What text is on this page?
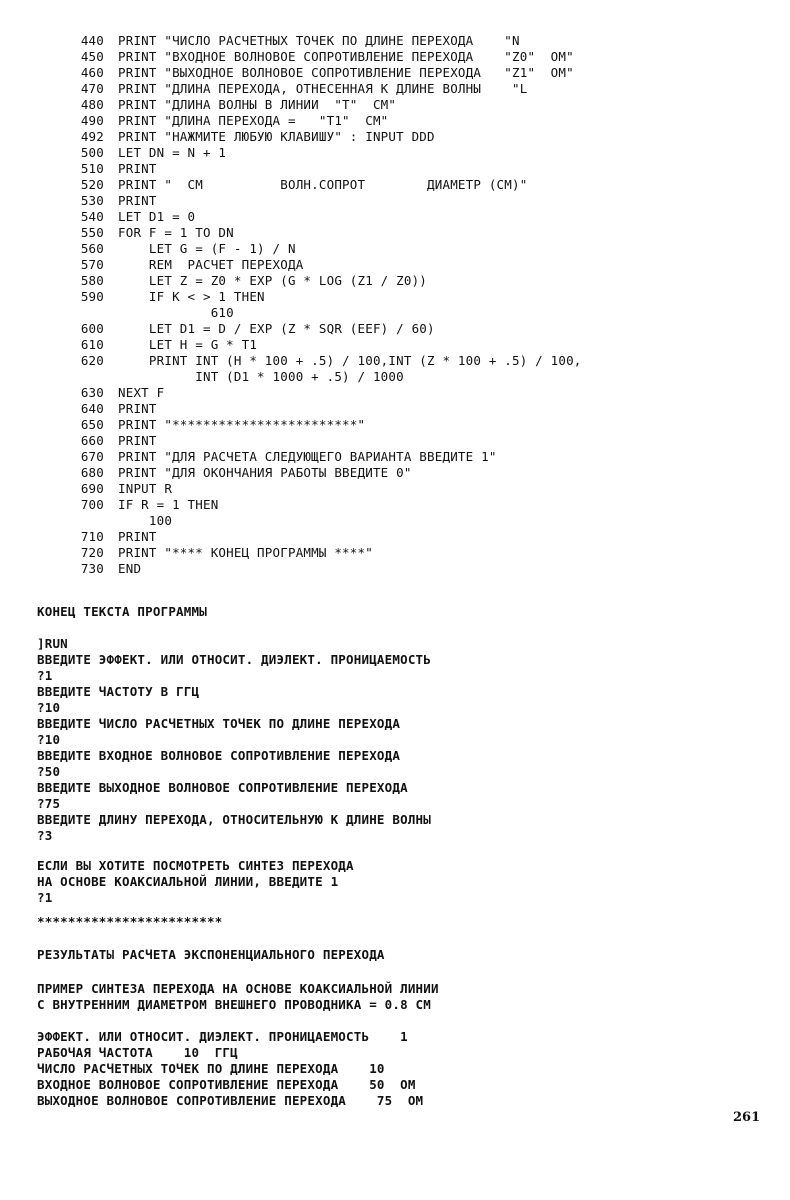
440 PRINT "ЧИСЛО РАСЧЕТНЫХ ТОЧЕК ПО ДЛИНЕ ПЕРЕХОДА    "N
450 PRINT "ВХОДНОЕ ВОЛНОВОЕ СОПРОТИВЛЕНИЕ ПЕРЕХОДА    "Z0"  ОМ"
460 PRINT "ВЫХОДНОЕ ВОЛНОВОЕ СОПРОТИВЛЕНИЕ ПЕРЕХОДА   "Z1"  ОМ"
470 PRINT "ДЛИНА ПЕРЕХОДА, ОТНЕСЕННАЯ К ДЛИНЕ ВОЛНЫ    "L
480 PRINT "ДЛИНА ВОЛНЫ В ЛИНИИ  "T"  СМ"
490 PRINT "ДЛИНА ПЕРЕХОДА =   "T1"  СМ"
492 PRINT "НАЖМИТЕ ЛЮБУЮ КЛАВИШУ" : INPUT DDD
500 LET DN = N + 1
510 PRINT
520 PRINT "  СМ          ВОЛН.СОПРОТ        ДИАМЕТР (СМ)"
530 PRINT
540 LET D1 = 0
550 FOR F = 1 TO DN
560 LET G = (F - 1) / N
570 REM  РАСЧЕТ ПЕРЕХОДА
580 LET Z = Z0 * EXP (G * LOG (Z1 / Z0))
590 IF K < > 1 THEN
610
600 LET D1 = D / EXP (Z * SQR (EEF) / 60)
610 LET H = G * T1
620 PRINT INT (H * 100 + .5) / 100,INT (Z * 100 + .5) / 100,
INT (D1 * 1000 + .5) / 1000
630 NEXT F
640 PRINT
650 PRINT "************************"
660 PRINT
670 PRINT "ДЛЯ РАСЧЕТА СЛЕДУЮЩЕГО ВАРИАНТА ВВЕДИТЕ 1"
680 PRINT "ДЛЯ ОКОНЧАНИЯ РАБОТЫ ВВЕДИТЕ 0"
690 INPUT R
700 IF R = 1 THEN
100
710 PRINT
720 PRINT "**** КОНЕЦ ПРОГРАММЫ ****"
730 END
КОНЕЦ ТЕКСТА ПРОГРАММЫ
]RUN
ВВЕДИТЕ ЭФФЕКТ. ИЛИ ОТНОСИТ. ДИЭЛЕКТ. ПРОНИЦАЕМОСТЬ
?1
ВВЕДИТЕ ЧАСТОТУ В ГГЦ
?10
ВВЕДИТЕ ЧИСЛО РАСЧЕТНЫХ ТОЧЕК ПО ДЛИНЕ ПЕРЕХОДА
?10
ВВЕДИТЕ ВХОДНОЕ ВОЛНОВОЕ СОПРОТИВЛЕНИЕ ПЕРЕХОДА
?50
ВВЕДИТЕ ВЫХОДНОЕ ВОЛНОВОЕ СОПРОТИВЛЕНИЕ ПЕРЕХОДА
?75
ВВЕДИТЕ ДЛИНУ ПЕРЕХОДА, ОТНОСИТЕЛЬНУЮ К ДЛИНЕ ВОЛНЫ
?3
ЕСЛИ ВЫ ХОТИТЕ ПОСМОТРЕТЬ СИНТЕЗ ПЕРЕХОДА
НА ОСНОВЕ КОАКСИАЛЬНОЙ ЛИНИИ, ВВЕДИТЕ 1
?1
************************
РЕЗУЛЬТАТЫ РАСЧЕТА ЭКСПОНЕНЦИАЛЬНОГО ПЕРЕХОДА
ПРИМЕР СИНТЕЗА ПЕРЕХОДА НА ОСНОВЕ КОАКСИАЛЬНОЙ ЛИНИИ
С ВНУТРЕННИМ ДИАМЕТРОМ ВНЕШНЕГО ПРОВОДНИКА = 0.8 СМ
ЭФФЕКТ. ИЛИ ОТНОСИТ. ДИЭЛЕКТ. ПРОНИЦАЕМОСТЬ    1
РАБОЧАЯ ЧАСТОТА    10  ГГЦ
ЧИСЛО РАСЧЕТНЫХ ТОЧЕК ПО ДЛИНЕ ПЕРЕХОДА    10
ВХОДНОЕ ВОЛНОВОЕ СОПРОТИВЛЕНИЕ ПЕРЕХОДА    50  ОМ
ВЫХОДНОЕ ВОЛНОВОЕ СОПРОТИВЛЕНИЕ ПЕРЕХОДА    75  ОМ
261
